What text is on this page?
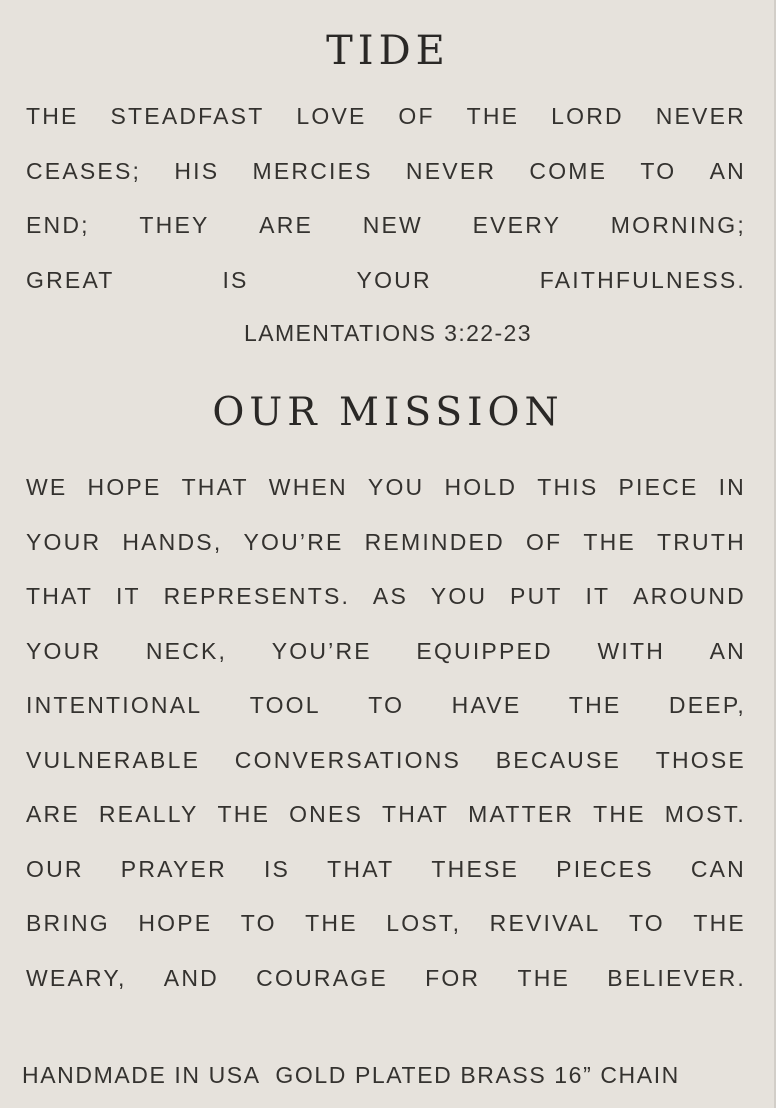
TIDE
THE STEADFAST LOVE OF THE LORD NEVER
CEASES; HIS MERCIES NEVER COME TO AN
END; THEY ARE NEW EVERY MORNING;
GREAT	IS	YOUR	FAITHFULNESS.
LAMENTATIONS 3:22-23
OUR MISSION
WE HOPE THAT WHEN YOU HOLD THIS PIECE IN
YOUR HANDS, YOU’RE REMINDED OF THE TRUTH
THAT IT REPRESENTS. AS YOU PUT IT AROUND
YOUR NECK, YOU’RE EQUIPPED WITH AN
INTENTIONAL TOOL TO HAVE THE DEEP,
VULNERABLE CONVERSATIONS BECAUSE THOSE
ARE REALLY THE ONES THAT MATTER THE MOST.
OUR PRAYER IS THAT THESE PIECES CAN
BRING HOPE TO THE LOST, REVIVAL TO THE
WEARY, AND COURAGE FOR THE BELIEVER.
HANDMADE IN USA  GOLD PLATED BRASS 16” CHAIN
